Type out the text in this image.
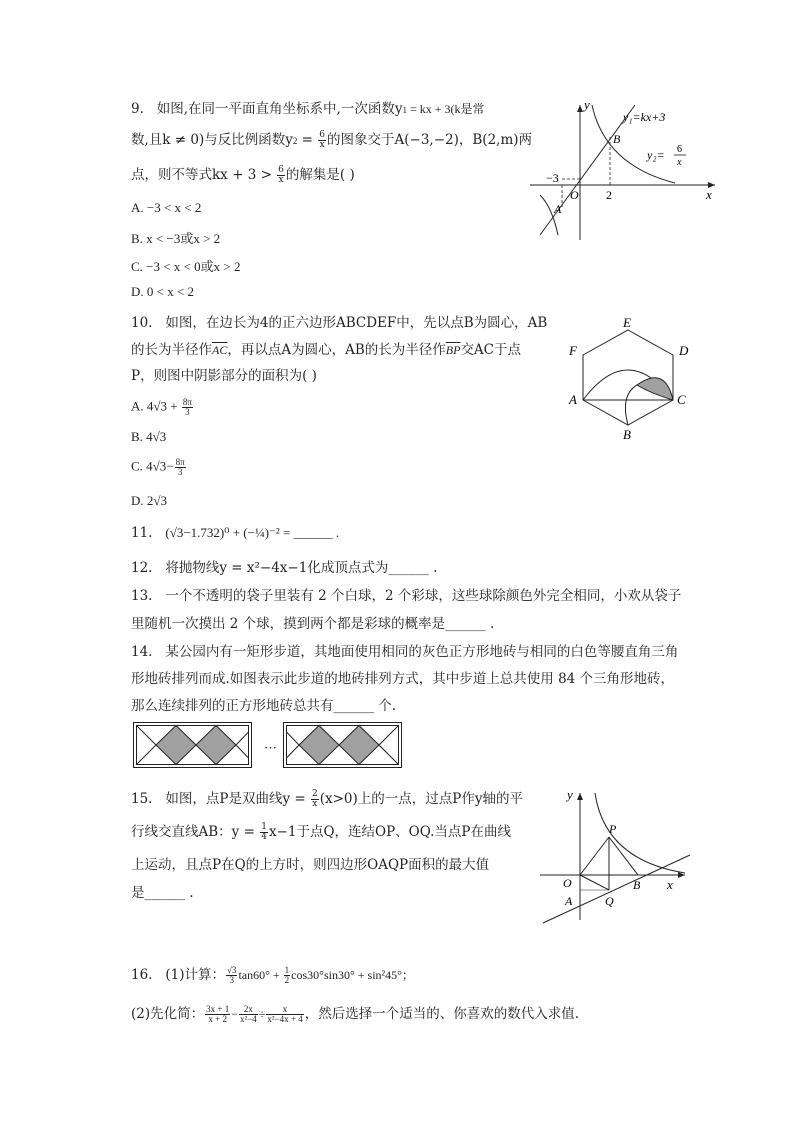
9. 如图,在同一平面直角坐标系中,一次函数y1 = kx + 3(k是常
数,且k ≠ 0)与反比例函数$y2 = \frac{6}{x}$ 的图象交于A(−3,−2)，B(2,m)两
点，则不等式kx + $3 > \frac{6}{x}$ 的解集是( )
A. −3 < x < 2
B. x < −3或x > 2
C. −3 < x < 0或x > 2
D. 0 < x < 2
y
x
O
y₁=kx+3
y₂= 6
x
−3
2
A
B
10. 如图，在边长为4的正六边形ABCDEF中，先以点B为圆心，AB
的长为半径作$\overline{AC}$，再以点A为圆心，AB的长为半径作$\overline{BP}$交AC于点
P，则图中阴影部分的面积为( )
A. $4√3 + \frac{8\pi}{3}$
B. 4√3
C. $4√3- \frac{8\pi}{3}$
D. 2√3
E
D
F
A	C
B
11. (√3−1.732)⁰ + (−¼)⁻² = ______ .
12. 将抛物线y = x²−4x−1化成顶点式为______ .
13. 一个不透明的袋子里装有 2 个白球，2 个彩球，这些球除颜色外完全相同，小欢从袋子
里随机一次摸出 2 个球，摸到两个都是彩球的概率是______ .
14. 某公园内有一矩形步道，其地面使用相同的灰色正方形地砖与相同的白色等腰直角三角
形地砖排列而成.如图表示此步道的地砖排列方式，其中步道上总共使用 84 个三角形地砖，
那么连续排列的正方形地砖总共有______ 个.
···
15. 如图，点P是双曲线$y = \frac{2}{x} (x>0)$上的一点，过点P作y轴的平
行线交直线AB：$y = \frac{1}{4} x-1$于点Q，连结OP、OQ.当点P在曲线
上运动，且点P在Q的上方时，则四边形OAQP面积的最大值
是______ .
y
x
O
P
Q
A
B
16. (1)计算： $\frac{√3}{3} \tan 60^\circ + \frac{1}{2} \cos 30^\circ\sin 30^\circ + \sin^245^\circ$；
(2)先化简： $\frac{3x + 1}{x + 2} - \frac{2x}{\text{x²−4}} \div \frac{x}{\text{x²−4x + 4}}$ ，然后选择一个适当的、你喜欢的数代入求值.
